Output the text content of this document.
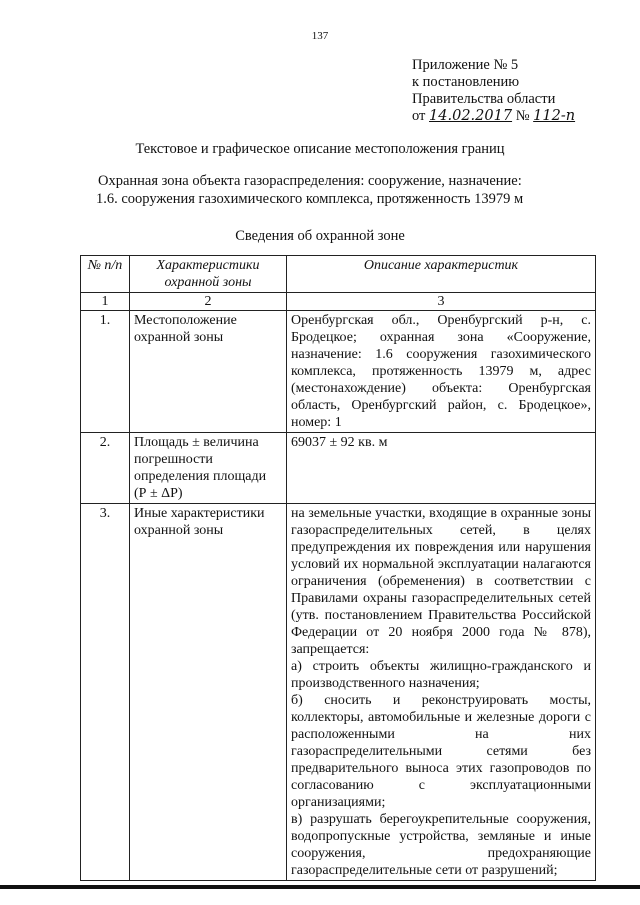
137
Приложение № 5
к постановлению
Правительства области
от 14.02.2017 № 112-п
Текстовое и графическое описание местоположения границ
Охранная зона объекта газораспределения: сооружение, назначение:
1.6. сооружения газохимического комплекса, протяженность 13979 м
Сведения об охранной зоне
№ п/п	Характеристики охранной зоны	Описание характеристик
1	2	3
1.	Местоположение охранной зоны	Оренбургская обл., Оренбургский р-н, с. Бродецкое; охранная зона «Сооружение, назначение: 1.6 сооружения газохимического комплекса, протяженность 13979 м, адрес (местонахождение) объекта: Оренбургская область, Оренбургский район, с. Бродецкое», номер: 1
2.	Площадь ± величина погрешности определения площади (Р ± ΔР)	69037 ± 92 кв. м
3.	Иные характеристики охранной зоны	на земельные участки, входящие в охранные зоны газораспределительных сетей, в целях предупреждения их повреждения или нарушения условий их нормальной эксплуатации налагаются ограничения (обременения) в соответствии с Правилами охраны газораспределительных сетей (утв. постановлением Правительства Российской Федерации от 20 ноября 2000 года № 878), запрещается:
а) строить объекты жилищно-гражданского и производственного назначения;
б) сносить и реконструировать мосты, коллекторы, автомобильные и железные дороги с расположенными на них газораспределительными сетями без предварительного выноса этих газопроводов по согласованию с эксплуатационными организациями;
в) разрушать берегоукрепительные сооружения, водопропускные устройства, земляные и иные сооружения, предохраняющие газораспределительные сети от разрушений;
